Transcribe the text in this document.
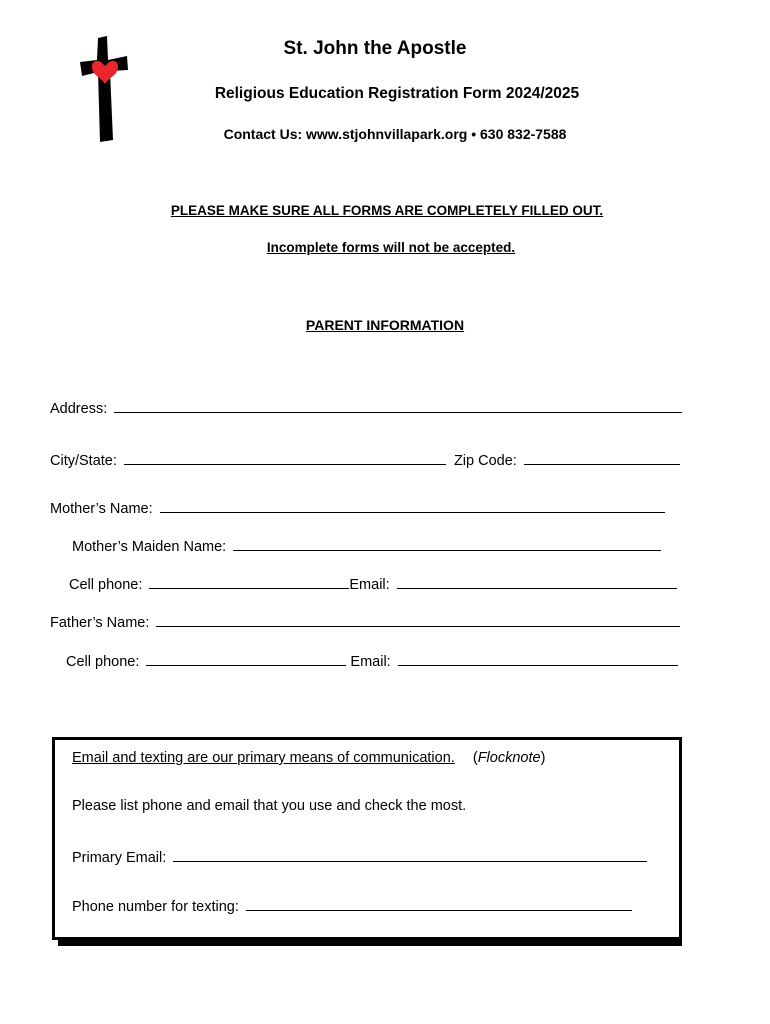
St. John the Apostle
Religious Education Registration Form 2024/2025
Contact Us: www.stjohnvillapark.org • 630 832-7588
PLEASE MAKE SURE ALL FORMS ARE COMPLETELY FILLED OUT.
Incomplete forms will not be accepted.
PARENT INFORMATION
Address:
City/State:	Zip Code:
Mother’s Name:
Mother’s Maiden Name:
Cell phone:	Email:
Father’s Name:
Cell phone:	Email:
Email and texting are our primary means of communication. (Flocknote)
Please list phone and email that you use and check the most.
Primary Email:
Phone number for texting:
